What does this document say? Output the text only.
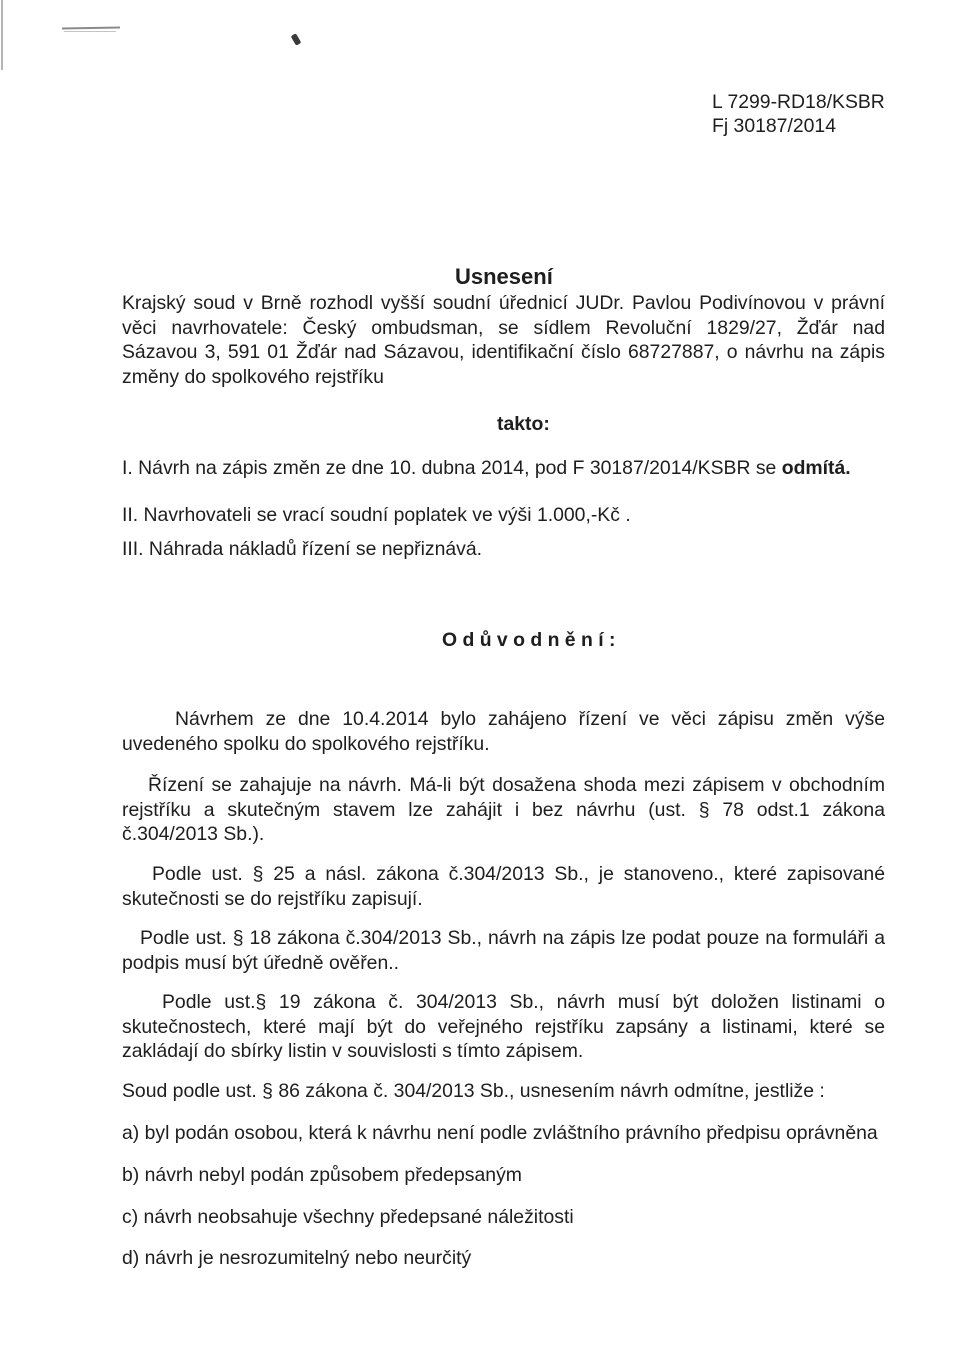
L 7299-RD18/KSBR
Fj 30187/2014
Usnesení
Krajský soud v Brně rozhodl vyšší soudní úřednicí JUDr. Pavlou Podivínovou v právní
věci navrhovatele: Český ombudsman, se sídlem Revoluční 1829/27, Žďár nad
Sázavou 3, 591 01 Žďár nad Sázavou, identifikační číslo 68727887, o návrhu na zápis
změny do spolkového rejstříku
takto:
I. Návrh na zápis změn ze dne 10. dubna 2014, pod F 30187/2014/KSBR se odmítá.
II. Navrhovateli se vrací soudní poplatek ve výši 1.000,-Kč .
III. Náhrada nákladů řízení se nepřiznává.
O d ů v o d n ě n í :
Návrhem ze dne 10.4.2014 bylo zahájeno řízení ve věci zápisu změn výše
uvedeného spolku do spolkového rejstříku.
Řízení se zahajuje na návrh. Má-li být dosažena shoda mezi zápisem v obchodním
rejstříku a skutečným stavem lze zahájit i bez návrhu (ust. § 78 odst.1 zákona
č.304/2013 Sb.).
Podle ust. § 25 a násl. zákona č.304/2013 Sb., je stanoveno., které zapisované
skutečnosti se do rejstříku zapisují.
Podle ust. § 18 zákona č.304/2013 Sb., návrh na zápis lze podat pouze na formuláři a
podpis musí být úředně ověřen..
Podle ust.§ 19 zákona č. 304/2013 Sb., návrh musí být doložen listinami o
skutečnostech, které mají být do veřejného rejstříku zapsány a listinami, které se
zakládají do sbírky listin v souvislosti s tímto zápisem.
Soud podle ust. § 86 zákona č. 304/2013 Sb., usnesením návrh odmítne, jestliže :
a) byl podán osobou, která k návrhu není podle zvláštního právního předpisu oprávněna
b) návrh nebyl podán způsobem předepsaným
c) návrh neobsahuje všechny předepsané náležitosti
d) návrh je nesrozumitelný nebo neurčitý
